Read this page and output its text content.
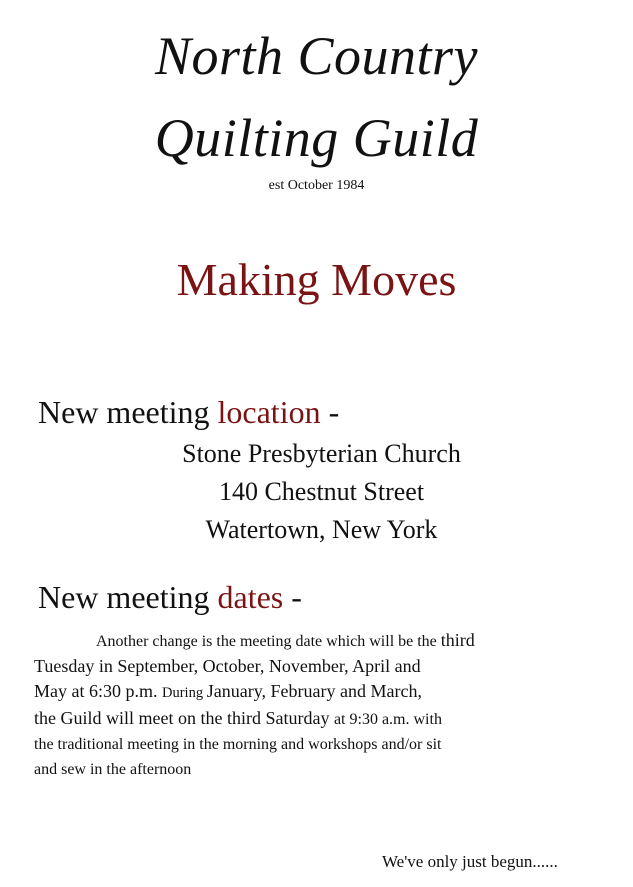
North Country
Quilting Guild
est October 1984
Making Moves
New meeting location -
Stone Presbyterian Church
140 Chestnut Street
Watertown, New York
New meeting dates -
Another change is the meeting date which will be the third
Tuesday in September, October, November, April and
May at 6:30 p.m. During January, February and March,
the Guild will meet on the third Saturday at 9:30 a.m. with
the traditional meeting in the morning and workshops and/or sit
and sew in the afternoon
We've only just begun......
